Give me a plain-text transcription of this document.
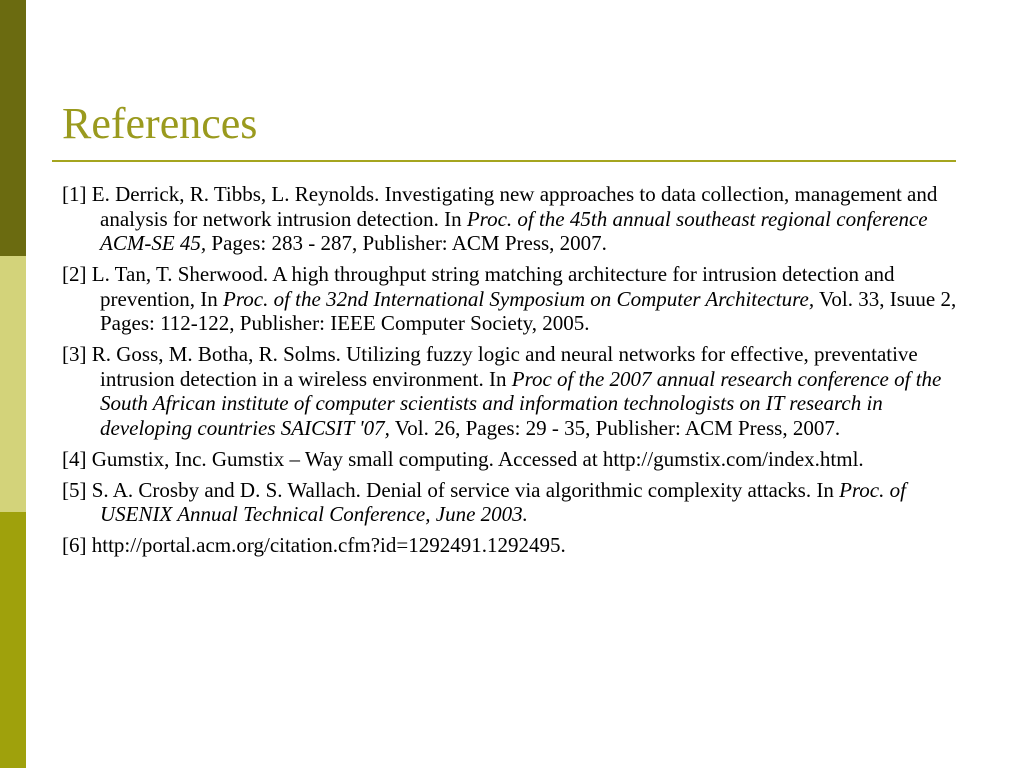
References
[1] E. Derrick, R. Tibbs, L. Reynolds. Investigating new approaches to data collection, management and analysis for network intrusion detection. In Proc. of the 45th annual southeast regional conference ACM-SE 45, Pages: 283 - 287, Publisher: ACM Press, 2007.
[2] L. Tan, T. Sherwood. A high throughput string matching architecture for intrusion detection and prevention, In Proc. of the 32nd International Symposium on Computer Architecture, Vol. 33, Isuue 2, Pages: 112-122, Publisher: IEEE Computer Society, 2005.
[3] R. Goss, M. Botha, R. Solms. Utilizing fuzzy logic and neural networks for effective, preventative intrusion detection in a wireless environment. In Proc of the 2007 annual research conference of the South African institute of computer scientists and information technologists on IT research in developing countries SAICSIT '07, Vol. 26, Pages: 29 - 35, Publisher: ACM Press, 2007.
[4] Gumstix, Inc. Gumstix – Way small computing. Accessed at http://gumstix.com/index.html.
[5] S. A. Crosby and D. S. Wallach. Denial of service via algorithmic complexity attacks. In Proc. of USENIX Annual Technical Conference, June 2003.
[6] http://portal.acm.org/citation.cfm?id=1292491.1292495.
